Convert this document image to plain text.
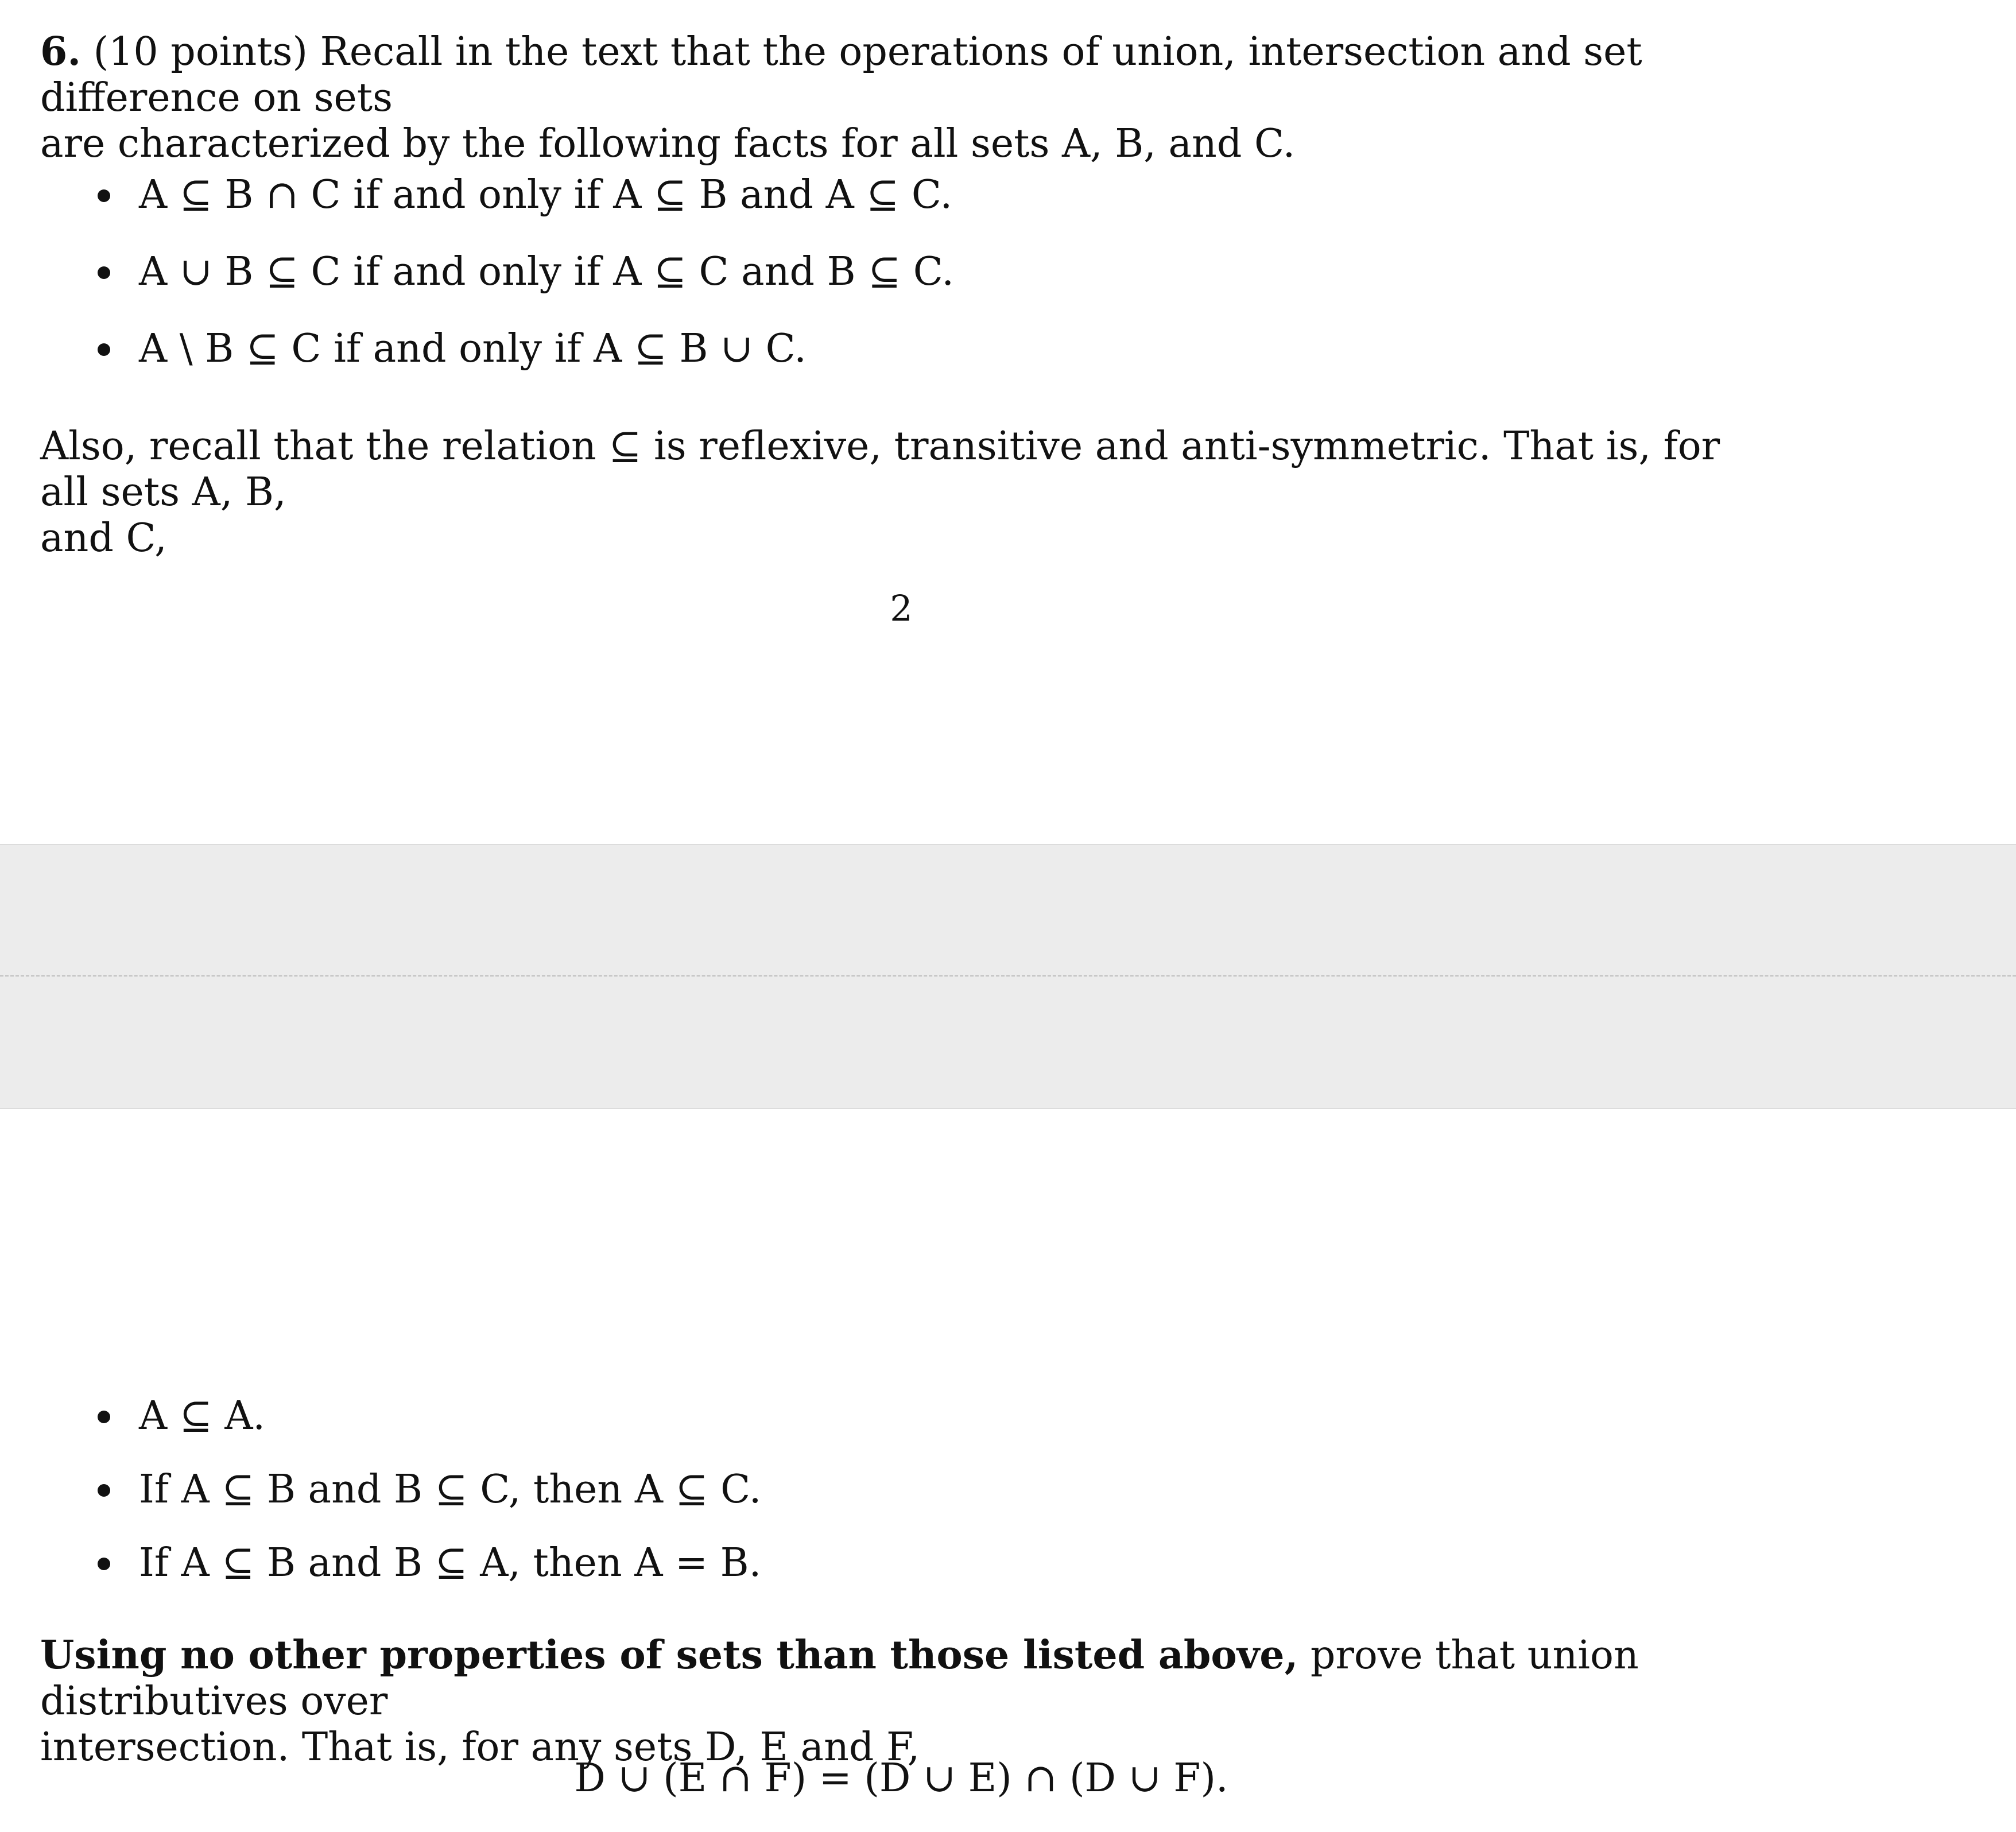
6. (10 points) Recall in the text that the operations of union, intersection and set difference on sets
are characterized by the following facts for all sets A, B, and C.
A ⊆ B ∩ C if and only if A ⊆ B and A ⊆ C.
A ∪ B ⊆ C if and only if A ⊆ C and B ⊆ C.
A \ B ⊆ C if and only if A ⊆ B ∪ C.
Also, recall that the relation ⊆ is reflexive, transitive and anti-symmetric. That is, for all sets A, B,
and C,
2
A ⊆ A.
If A ⊆ B and B ⊆ C, then A ⊆ C.
If A ⊆ B and B ⊆ A, then A = B.
Using no other properties of sets than those listed above, prove that union distributives over
intersection. That is, for any sets D, E and F,
D ∪ (E ∩ F) = (D ∪ E) ∩ (D ∪ F).
